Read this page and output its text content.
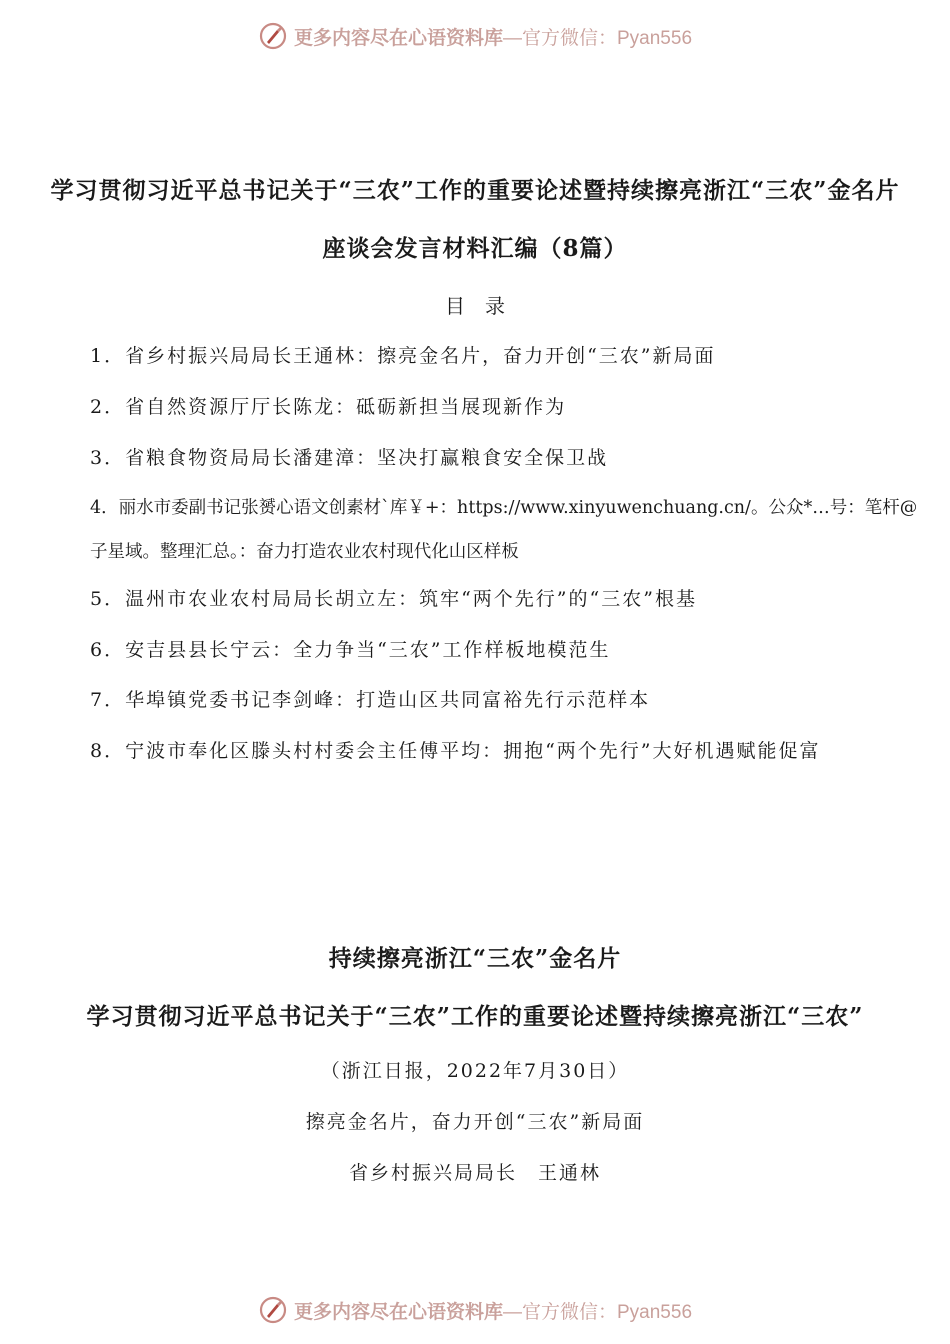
更多内容尽在心语资料库 —官方微信：Pyan556
学习贯彻习近平总书记关于“三农”工作的重要论述暨持续擦亮浙江“三农”金名片
座谈会发言材料汇编（8篇）
目录
1．省乡村振兴局局长王通林：擦亮金名片，奋力开创“三农”新局面
2．省自然资源厅厅长陈龙：砥砺新担当展现新作为
3．省粮食物资局局长潘建漳：坚决打赢粮食安全保卫战
4．丽水市委副书记张赟心语文创素材`库￥+：https://www.xinyuwenchuang.cn/。公众*…号：笔杆@
子星域。整理汇总。：奋力打造农业农村现代化山区样板
5．温州市农业农村局局长胡立左：筑牢“两个先行”的“三农”根基
6．安吉县县长宁云：全力争当“三农”工作样板地模范生
7．华埠镇党委书记李剑峰：打造山区共同富裕先行示范样本
8．宁波市奉化区滕头村村委会主任傅平均：拥抱“两个先行”大好机遇赋能促富
持续擦亮浙江“三农”金名片
学习贯彻习近平总书记关于“三农”工作的重要论述暨持续擦亮浙江“三农”
（浙江日报，2022年7月30日）
擦亮金名片，奋力开创“三农”新局面
省乡村振兴局局长　王通林
更多内容尽在心语资料库 —官方微信：Pyan556
